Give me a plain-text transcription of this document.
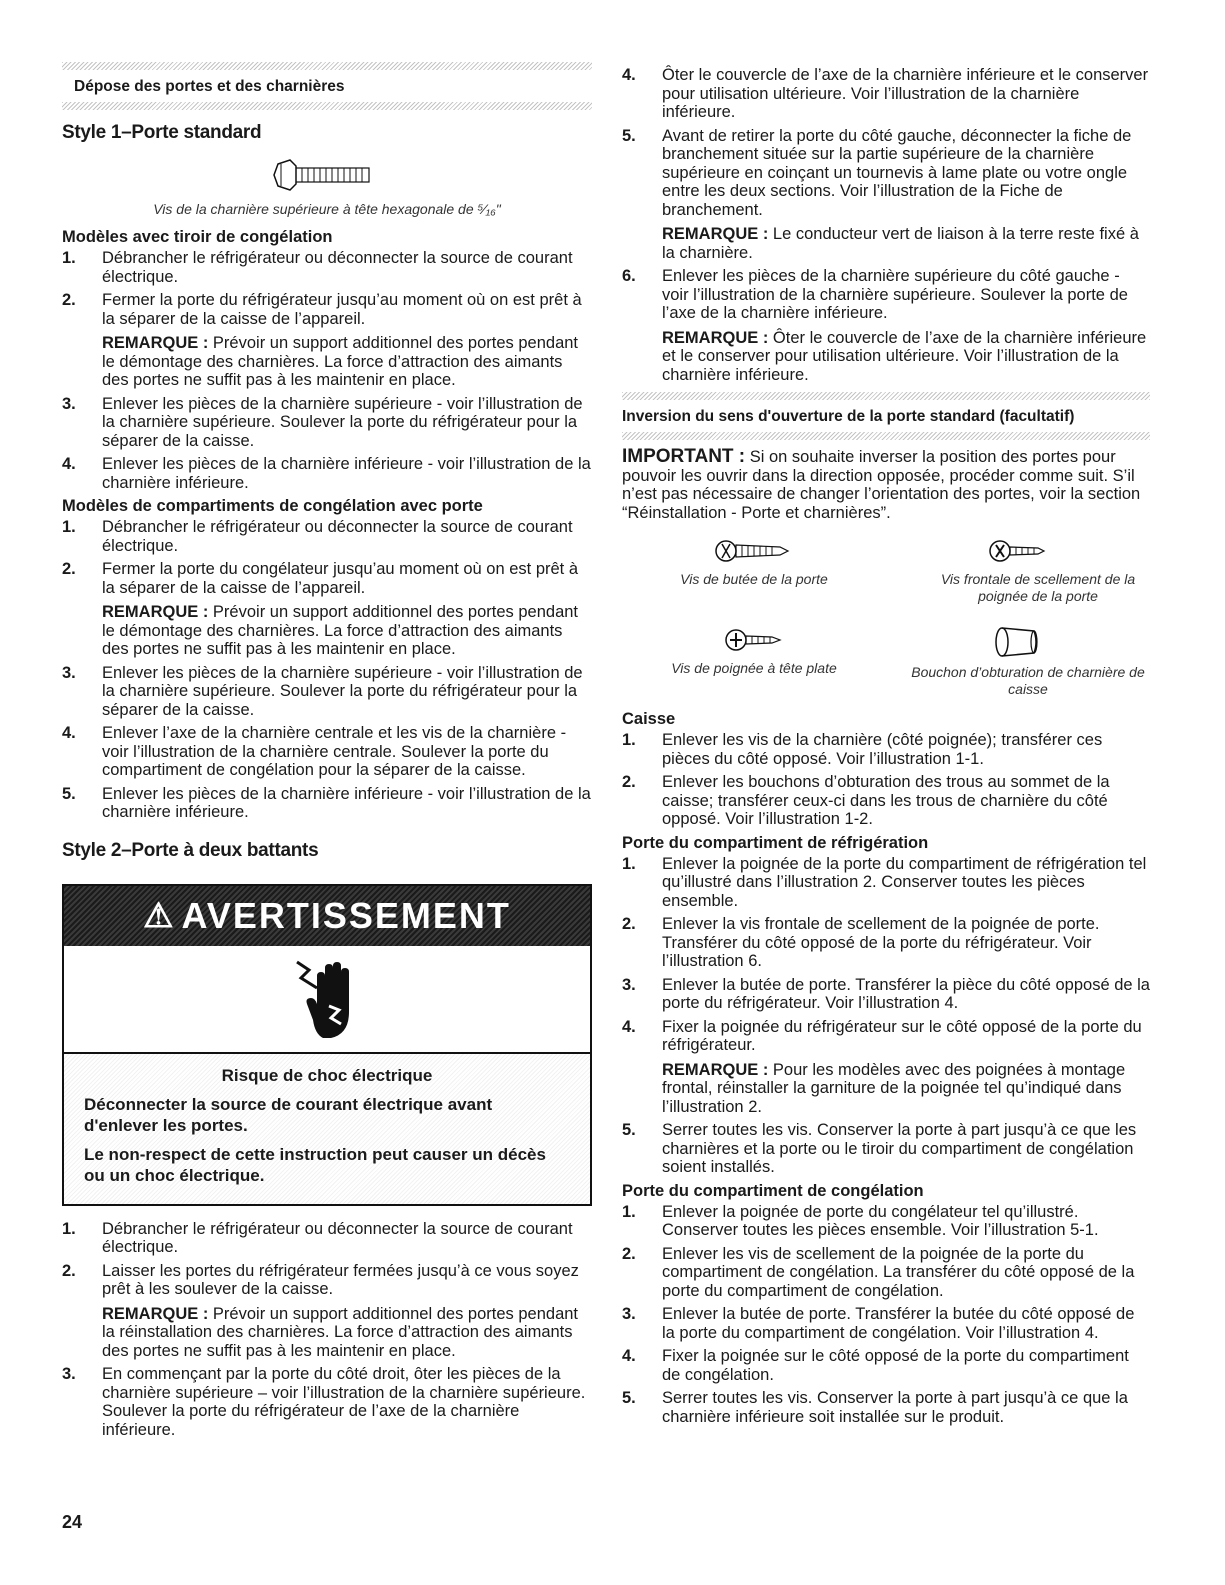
Dépose des portes et des charnières
Style 1–Porte standard
Vis de la charnière supérieure à tête hexagonale de ⁵⁄₁₆"
Modèles avec tiroir de congélation
1. Débrancher le réfrigérateur ou déconnecter la source de courant électrique.
2. Fermer la porte du réfrigérateur jusqu’au moment où on est prêt à la séparer de la caisse de l’appareil.
REMARQUE : Prévoir un support additionnel des portes pendant le démontage des charnières. La force d’attraction des aimants des portes ne suffit pas à les maintenir en place.
3. Enlever les pièces de la charnière supérieure - voir l’illustration de la charnière supérieure. Soulever la porte du réfrigérateur pour la séparer de la caisse.
4. Enlever les pièces de la charnière inférieure - voir l’illustration de la charnière inférieure.
Modèles de compartiments de congélation avec porte
1. Débrancher le réfrigérateur ou déconnecter la source de courant électrique.
2. Fermer la porte du congélateur jusqu’au moment où on est prêt à la séparer de la caisse de l’appareil.
REMARQUE : Prévoir un support additionnel des portes pendant le démontage des charnières. La force d’attraction des aimants des portes ne suffit pas à les maintenir en place.
3. Enlever les pièces de la charnière supérieure - voir l’illustration de la charnière supérieure. Soulever la porte du réfrigérateur pour la séparer de la caisse.
4. Enlever l’axe de la charnière centrale et les vis de la charnière - voir l’illustration de la charnière centrale. Soulever la porte du compartiment de congélation pour la séparer de la caisse.
5. Enlever les pièces de la charnière inférieure - voir l’illustration de la charnière inférieure.
Style 2–Porte à deux battants
⚠ AVERTISSEMENT
Risque de choc électrique

Déconnecter la source de courant électrique avant d'enlever les portes.

Le non-respect de cette instruction peut causer un décès ou un choc électrique.

1. Débrancher le réfrigérateur ou déconnecter la source de courant électrique.
2. Laisser les portes du réfrigérateur fermées jusqu’à ce vous soyez prêt à les soulever de la caisse.
REMARQUE : Prévoir un support additionnel des portes pendant la réinstallation des charnières. La force d’attraction des aimants des portes ne suffit pas à les maintenir en place.
3. En commençant par la porte du côté droit, ôter les pièces de la charnière supérieure – voir l’illustration de la charnière supérieure. Soulever la porte du réfrigérateur de l’axe de la charnière inférieure.
24
4. Ôter le couvercle de l’axe de la charnière inférieure et le conserver pour utilisation ultérieure. Voir l’illustration de la charnière inférieure.
5. Avant de retirer la porte du côté gauche, déconnecter la fiche de branchement située sur la partie supérieure de la charnière supérieure en coinçant un tournevis à lame plate ou votre ongle entre les deux sections. Voir l’illustration de la Fiche de branchement.
REMARQUE : Le conducteur vert de liaison à la terre reste fixé à la charnière.
6. Enlever les pièces de la charnière supérieure du côté gauche - voir l’illustration de la charnière supérieure. Soulever la porte de l’axe de la charnière inférieure.
REMARQUE : Ôter le couvercle de l’axe de la charnière inférieure et le conserver pour utilisation ultérieure. Voir l’illustration de la charnière inférieure.
Inversion du sens d'ouverture de la porte standard (facultatif)

IMPORTANT : Si on souhaite inverser la position des portes pour pouvoir les ouvrir dans la direction opposée, procéder comme suit. S’il n’est pas nécessaire de changer l’orientation des portes, voir la section “Réinstallation - Porte et charnières”.

Vis de butée de la porte	Vis frontale de scellement de la poignée de la porte
Vis de poignée à tête plate	Bouchon d’obturation de charnière de caisse
Caisse
1. Enlever les vis de la charnière (côté poignée); transférer ces pièces du côté opposé. Voir l’illustration 1-1.
2. Enlever les bouchons d’obturation des trous au sommet de la caisse; transférer ceux-ci dans les trous de charnière du côté opposé. Voir l’illustration 1-2.
Porte du compartiment de réfrigération
1. Enlever la poignée de la porte du compartiment de réfrigération tel qu’illustré dans l’illustration 2. Conserver toutes les pièces ensemble.
2. Enlever la vis frontale de scellement de la poignée de porte. Transférer du côté opposé de la porte du réfrigérateur. Voir l’illustration 6.
3. Enlever la butée de porte. Transférer la pièce du côté opposé de la porte du réfrigérateur. Voir l’illustration 4.
4. Fixer la poignée du réfrigérateur sur le côté opposé de la porte du réfrigérateur.
REMARQUE : Pour les modèles avec des poignées à montage frontal, réinstaller la garniture de la poignée tel qu’indiqué dans l’illustration 2.
5. Serrer toutes les vis. Conserver la porte à part jusqu’à ce que les charnières et la porte ou le tiroir du compartiment de congélation soient installés.
Porte du compartiment de congélation
1. Enlever la poignée de porte du congélateur tel qu’illustré. Conserver toutes les pièces ensemble. Voir l’illustration 5-1.
2. Enlever les vis de scellement de la poignée de la porte du compartiment de congélation. La transférer du côté opposé de la porte du compartiment de congélation.
3. Enlever la butée de porte. Transférer la butée du côté opposé de la porte du compartiment de congélation. Voir l’illustration 4.
4. Fixer la poignée sur le côté opposé de la porte du compartiment de congélation.
5. Serrer toutes les vis. Conserver la porte à part jusqu’à ce que la charnière inférieure soit installée sur le produit.
